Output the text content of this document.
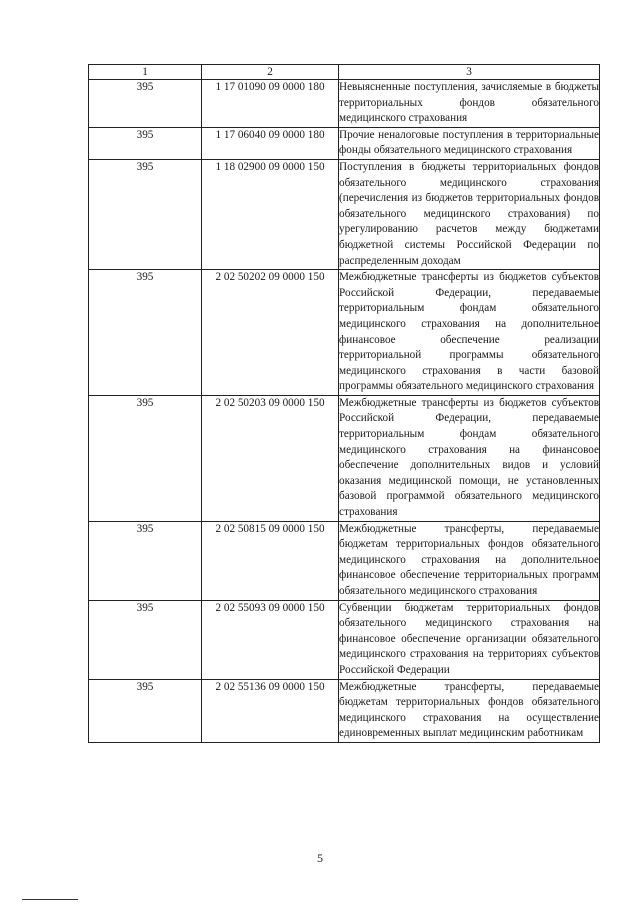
1	2	3
395	1 17 01090 09 0000 180	Невыясненные поступления, зачисляемые в бюджеты территориальных фондов обязательного медицинского страхования
395	1 17 06040 09 0000 180	Прочие неналоговые поступления в территориальные фонды обязательного медицинского страхования
395	1 18 02900 09 0000 150	Поступления в бюджеты территориальных фондов обязательного медицинского страхования (перечисления из бюджетов территориальных фондов обязательного медицинского страхования) по урегулированию расчетов между бюджетами бюджетной системы Российской Федерации по распределенным доходам
395	2 02 50202 09 0000 150	Межбюджетные трансферты из бюджетов субъектов Российской Федерации, передаваемые территориальным фондам обязательного медицинского страхования на дополнительное финансовое обеспечение реализации территориальной программы обязательного медицинского страхования в части базовой программы обязательного медицинского страхования
395	2 02 50203 09 0000 150	Межбюджетные трансферты из бюджетов субъектов Российской Федерации, передаваемые территориальным фондам обязательного медицинского страхования на финансовое обеспечение дополнительных видов и условий оказания медицинской помощи, не установленных базовой программой обязательного медицинского страхования
395	2 02 50815 09 0000 150	Межбюджетные трансферты, передаваемые бюджетам территориальных фондов обязательного медицинского страхования на дополнительное финансовое обеспечение территориальных программ обязательного медицинского страхования
395	2 02 55093 09 0000 150	Субвенции бюджетам территориальных фондов обязательного медицинского страхования на финансовое обеспечение организации обязательного медицинского страхования на территориях субъектов Российской Федерации
395	2 02 55136 09 0000 150	Межбюджетные трансферты, передаваемые бюджетам территориальных фондов обязательного медицинского страхования на осуществление единовременных выплат медицинским работникам
5
